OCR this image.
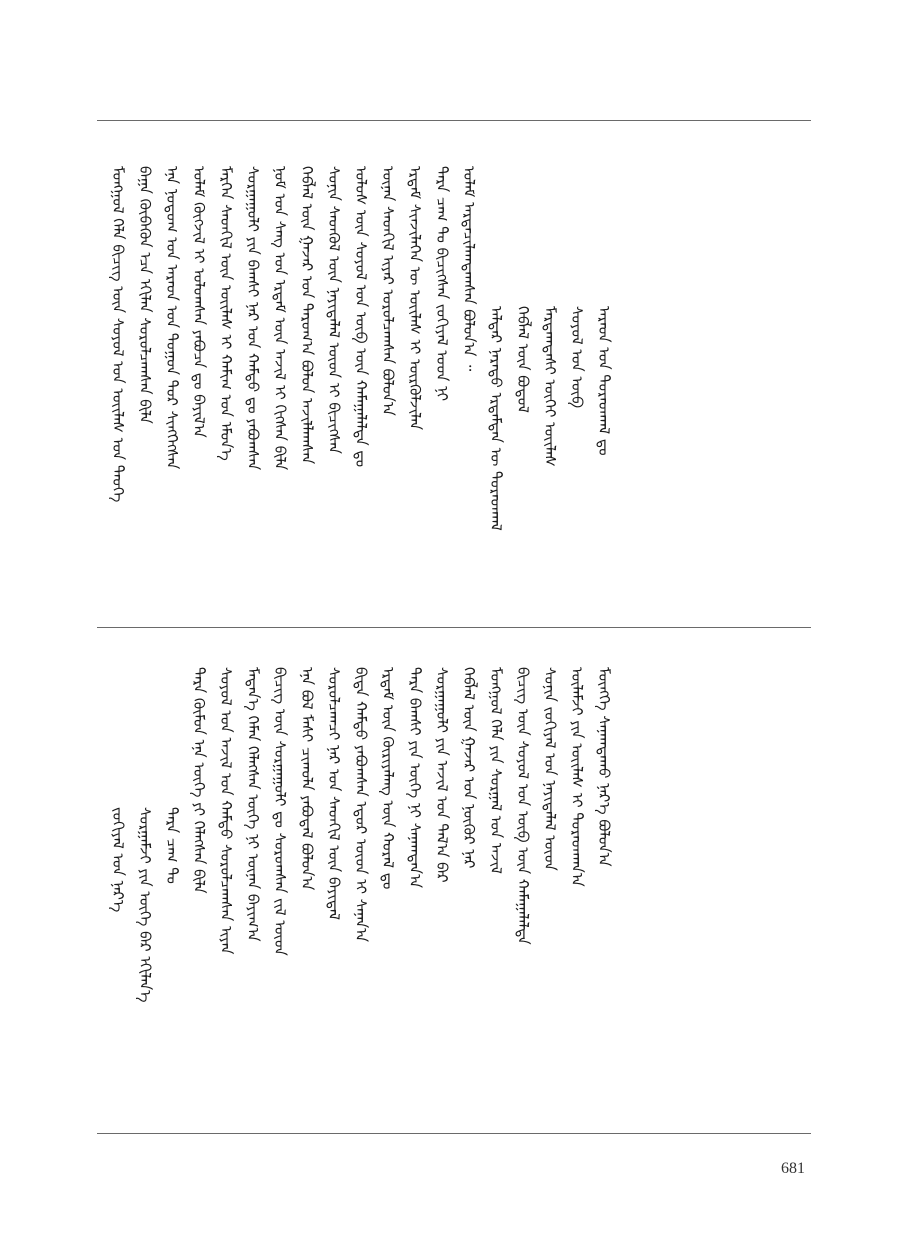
ᠮᠣᠩᠭᠣᠯ ᠬᠡᠯᠡ ᠪᠢᠴᠢᠭ᠌ ᠦᠨ ᠰᠣᠶᠣᠯ ᠤᠨ ᠦᠢᠯᠡᠰ ᠤᠨ ᠲᠡᠦᠬᠡ ᠪᠠᠭᠠ ᠬᠥᠪᠡᠭᠦᠨ ᠡᠴᠡ ᠡᠬᠢᠯᠡᠨ ᠰᠤᠷᠤᠯᠴᠠᠭᠰᠠᠨ ᠪᠢᠯᠡ ᠡᠨᠡ ᠨᠤᠲᠤᠭ ᠤᠨ ᠠᠷᠠᠳ ᠤᠨ ᠳᠤᠭᠤᠨ ᠳᠤᠷ ᠰᠢᠩᠭᠡᠭᠰᠡᠨ ᠤᠯᠠᠮ ᠬᠥᠭᠵᠢᠯ ᠢ ᠤᠯᠤᠭᠰᠠᠨ ᠶᠠᠪᠤᠴᠠ ᠳᠤ ᠪᠠᠶᠢᠯ᠎ᠠ ᠮᠡᠷᠭᠡᠨ ᠰᠡᠳᠬᠢᠯ ᠦᠨ ᠦᠢᠯᠡᠰ ᠢ ᠬᠠᠮᠢᠭ ᠤᠨ ᠡᠮᠦᠨ᠎ᠡ ᠰᠤᠷᠭᠠᠭᠤᠯᠢ ᠶᠢᠨ ᠪᠠᠭᠰᠢ ᠨᠠᠷ ᠤᠨ ᠬᠠᠮᠲᠤ ᠳᠤ ᠶᠠᠪᠤᠭᠰᠠᠨ ᠨᠣᠮ ᠤᠨ ᠰᠠᠩ ᠤᠨ ᠡᠷᠳᠡᠮ ᠦᠨ ᠠᠵᠢᠯ ᠢ ᠬᠢᠭᠰᠡᠨ ᠪᠢᠯᠡ ᠬᠡᠪᠯᠡᠯ ᠦᠨ ᠭᠠᠵᠠᠷ ᠤᠨ ᠳᠠᠷᠤᠭ᠎ᠠ ᠪᠣᠯᠤᠨ ᠠᠵᠢᠯᠯᠠᠭᠰᠠᠨ ᠰᠣᠨᠢᠨ ᠰᠡᠳᠬᠦᠯ ᠦᠨ ᠨᠡᠶᠢᠲᠡᠯᠡᠯ ᠦᠳ ᠢ ᠪᠢᠴᠢᠭᠰᠡᠨ ᠤᠯᠤᠰ ᠦᠨ ᠰᠣᠶᠣᠯ ᠤᠨ ᠥᠪ ᠦᠨ ᠬᠠᠮᠠᠭᠠᠯᠠᠯᠲᠠ ᠳᠤ ᠦᠨᠡᠨ ᠰᠡᠳᠬᠢᠯ ᠢᠶᠡᠷ ᠣᠷᠤᠯᠴᠠᠭᠰᠠᠨ ᠪᠣᠯᠤᠨ᠎ᠠ ᠡᠷᠳᠡᠮ ᠰᠢᠨᠵᠢᠯᠡᠭᠡᠨ ᠦ ᠦᠢᠯᠡᠰ ᠢ ᠦᠷᠭᠦᠯᠵᠢᠯᠡᠨ ᠲᠡᠷᠡ ᠴᠠᠭ ᠲᠤ ᠪᠢᠴᠢᠭᠰᠡᠨ ᠵᠣᠬᠢᠶᠠᠯ ᠤᠳ ᠨᠢ ᠤᠯᠠᠮ ᠠᠷᠳᠠᠴᠢᠯᠠᠭᠳᠠᠭᠰᠠᠨ ᠪᠣᠯᠤᠨ᠎ᠠ ᠃
ᠠᠯᠳᠠᠷ ᠨᠡᠷᠡᠲᠦ ᠡᠷᠳᠡᠮᠲᠡᠨ ᠦ ᠳᠤᠷᠠᠳᠬᠠᠯ ᠬᠡᠪᠯᠡᠯ ᠦᠨ ᠪᠣᠳᠤᠯ ᠮᠠᠷᠲᠠᠭᠳᠠᠰᠢ ᠦᠭᠡᠢ ᠦᠢᠯᠡᠰ ᠰᠣᠶᠣᠯ ᠤᠨ ᠥᠪ ᠠᠷᠠᠳ ᠤᠨ ᠳᠤᠷᠠᠳᠬᠠᠯ ᠳᠤ
ᠵᠣᠬᠢᠶᠠᠯ ᠤᠨ ᠨᠡᠷ᠎ᠡ ᠰᠤᠷᠭᠠᠮᠵᠢ ᠶᠢᠨ ᠦᠭᠡ ᠪᠡᠷ ᠡᠬᠢᠯᠡᠨ᠎ᠡ ᠲᠡᠷᠡ ᠴᠠᠭ ᠲᠤ ᠲᠡᠷᠡ ᠬᠦᠮᠦᠨ ᠡᠨᠡ ᠦᠭᠡ ᠶᠢ ᠬᠡᠯᠡᠭᠰᠡᠨ ᠪᠢᠯᠡ ᠰᠣᠶᠣᠯ ᠤᠨ ᠠᠵᠢᠯ ᠤᠨ ᠬᠠᠮᠲᠤ ᠰᠤᠷᠤᠯᠴᠠᠭᠰᠠᠨ ᠢᠶᠠᠨ ᠮᠡᠳᠡᠨ᠎ᠡ ᠬᠡᠮᠡᠨ ᠬᠡᠯᠡᠭᠰᠡᠨ ᠦᠭᠡ ᠨᠢ ᠦᠨᠡᠨ ᠪᠠᠶᠢᠭ᠎ᠠ ᠪᠢᠴᠢᠭ ᠦᠨ ᠰᠤᠷᠭᠠᠭᠤᠯᠢ ᠳᠤ ᠰᠤᠷᠤᠭᠰᠠᠨ ᠵᠢᠯ ᠦᠳ ᠡᠨᠡ ᠪᠣᠯ ᠮᠠᠰᠢ ᠴᠢᠬᠤᠯᠠ ᠶᠠᠪᠤᠳᠠᠯ ᠪᠣᠯᠤᠨ᠎ᠠ ᠰᠤᠷᠤᠯᠴᠠᠭᠴᠢ ᠨᠠᠷ ᠤᠨ ᠰᠡᠳᠬᠢᠯ ᠦᠨ ᠪᠠᠶᠢᠳᠠᠯ ᠪᠢᠳᠡ ᠬᠠᠮᠲᠤ ᠶᠠᠪᠤᠭᠰᠠᠨ ᠡᠳᠦᠷ ᠦᠳ ᠢ ᠰᠠᠨᠠᠨ᠎ᠠ ᠡᠷᠳᠡᠮ ᠦᠨ ᠬᠦᠷᠢᠶᠡᠯᠡᠩ ᠦᠨ ᠬᠤᠷᠠᠯ ᠳᠤ ᠲᠡᠷᠡ ᠪᠠᠭᠰᠢ ᠶᠢᠨ ᠦᠭᠡ ᠨᠢ ᠰᠠᠨᠠᠭᠳᠠᠨ᠎ᠠ ᠰᠤᠷᠭᠠᠭᠤᠯᠢ ᠶᠢᠨ ᠠᠵᠢᠯ ᠤᠨ ᠲᠠᠯ᠎ᠠ ᠪᠠᠷ ᠬᠡᠪᠯᠡᠯ ᠦᠨ ᠭᠠᠵᠠᠷ ᠤᠨ ᠨᠥᠬᠥᠷ ᠨᠠᠷ ᠮᠣᠩᠭᠣᠯ ᠬᠡᠯᠡ ᠶᠢᠨ ᠰᠤᠷᠭᠠᠯ ᠤᠨ ᠠᠵᠢᠯ ᠪᠢᠴᠢᠭ ᠦᠨ ᠰᠣᠶᠣᠯ ᠤᠨ ᠥᠪ ᠦᠨ ᠬᠠᠮᠠᠭᠠᠯᠠᠯᠲᠠ ᠰᠣᠨᠢᠨ ᠵᠣᠬᠢᠶᠠᠯ ᠤᠨ ᠨᠡᠶᠢᠲᠡᠯᠡᠯ ᠦᠳ ᠦᠯᠡᠮᠵᠢ ᠶᠢᠨ ᠦᠢᠯᠡᠰ ᠢ ᠳᠤᠷᠠᠳᠬᠠᠨ᠎ᠠ ᠮᠥᠩᠬᠡ ᠰᠠᠨᠠᠭᠳᠠᠬᠤ ᠨᠡᠷ᠎ᠡ ᠪᠣᠯᠤᠨ᠎ᠠ
681
